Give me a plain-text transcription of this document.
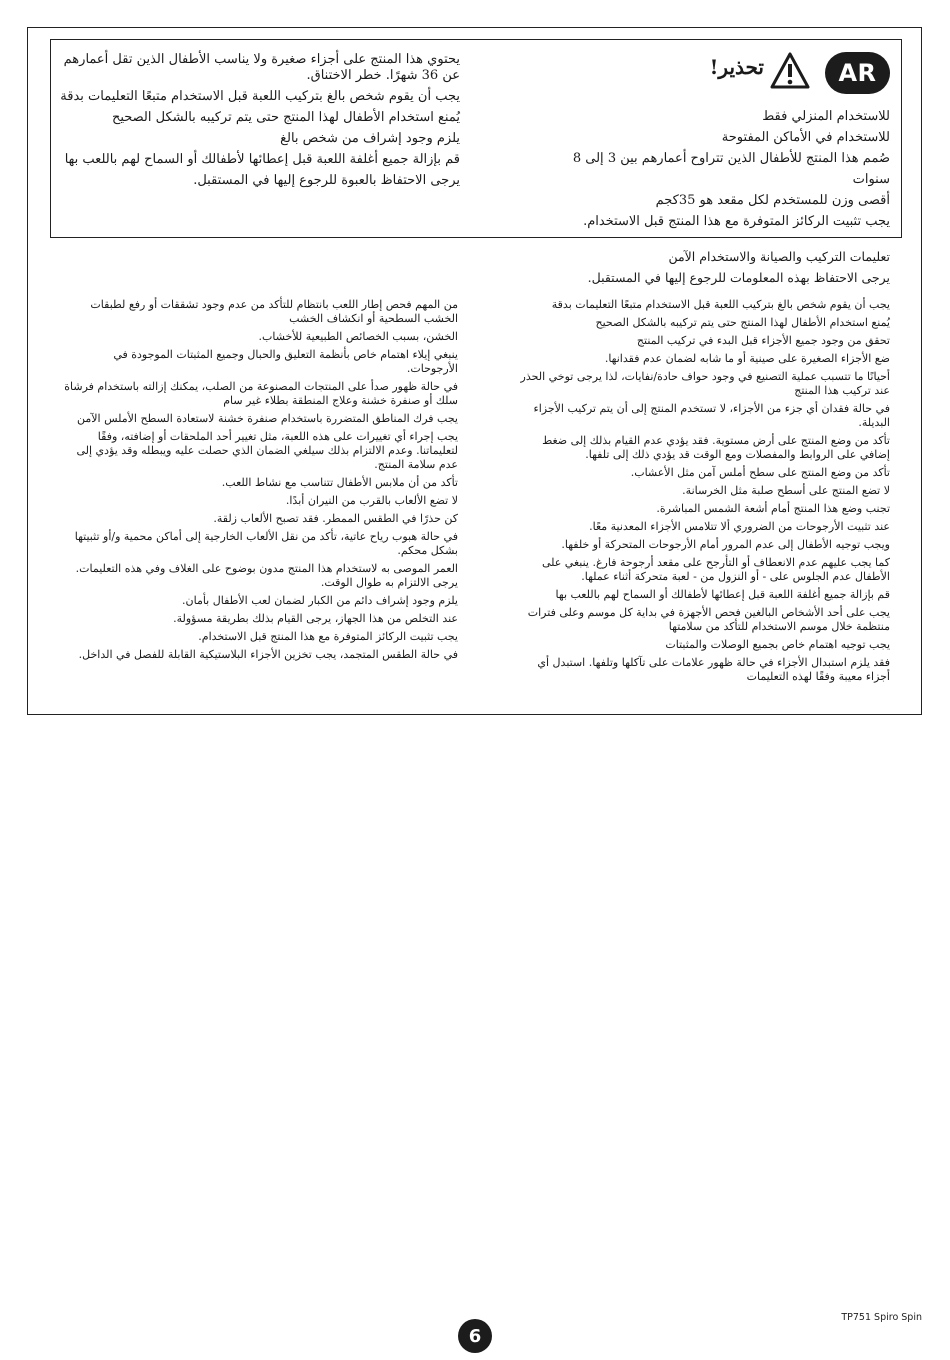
AR
تحذير!
للاستخدام المنزلي فقط
للاستخدام في الأماكن المفتوحة
صُمم هذا المنتج للأطفال الذين تتراوح أعمارهم بين 3 إلى 8 سنوات
أقصى وزن للمستخدم لكل مقعد هو 35كجم
يجب تثبيت الركائز المتوفرة مع هذا المنتج قبل الاستخدام.
يحتوي هذا المنتج على أجزاء صغيرة ولا يناسب الأطفال الذين تقل أعمارهم عن 36 شهرًا. خطر الاختناق.
يجب أن يقوم شخص بالغ بتركيب اللعبة قبل الاستخدام متبعًا التعليمات بدقة
يُمنع استخدام الأطفال لهذا المنتج حتى يتم تركيبه بالشكل الصحيح
يلزم وجود إشراف من شخص بالغ
قم بإزالة جميع أغلفة اللعبة قبل إعطائها لأطفالك أو السماح لهم باللعب بها
يرجى الاحتفاظ بالعبوة للرجوع إليها في المستقبل.
تعليمات التركيب والصيانة والاستخدام الآمن
يرجى الاحتفاظ بهذه المعلومات للرجوع إليها في المستقبل.
يجب أن يقوم شخص بالغ بتركيب اللعبة قبل الاستخدام متبعًا التعليمات بدقة
يُمنع استخدام الأطفال لهذا المنتج حتى يتم تركيبه بالشكل الصحيح
تحقق من وجود جميع الأجزاء قبل البدء في تركيب المنتج
ضع الأجزاء الصغيرة على صينية أو ما شابه لضمان عدم فقدانها.
أحيانًا ما تتسبب عملية التصنيع في وجود حواف حادة/نفايات، لذا يرجى توخي الحذر عند تركيب هذا المنتج
في حالة فقدان أي جزء من الأجزاء، لا تستخدم المنتج إلى أن يتم تركيب الأجزاء البديلة.
تأكد من وضع المنتج على أرض مستوية. فقد يؤدي عدم القيام بذلك إلى ضغط إضافي على الروابط والمفصلات ومع الوقت قد يؤدي ذلك إلى تلفها.
تأكد من وضع المنتج على سطح أملس آمن مثل الأعشاب.
لا تضع المنتج على أسطح صلبة مثل الخرسانة.
تجنب وضع هذا المنتج أمام أشعة الشمس المباشرة.
عند تثبيت الأرجوحات من الضروري ألا تتلامس الأجزاء المعدنية معًا.
ويجب توجيه الأطفال إلى عدم المرور أمام الأرجوحات المتحركة أو خلفها.
كما يجب عليهم عدم الانعطاف أو التأرجح على مقعد أرجوحة فارغ. ينبغي على الأطفال عدم الجلوس على - أو النزول من - لعبة متحركة أثناء عملها.
قم بإزالة جميع أغلفة اللعبة قبل إعطائها لأطفالك أو السماح لهم باللعب بها
يجب على أحد الأشخاص البالغين فحص الأجهزة في بداية كل موسم وعلى فترات منتظمة خلال موسم الاستخدام للتأكد من سلامتها
يجب توجيه اهتمام خاص بجميع الوصلات والمثبتات
فقد يلزم استبدال الأجزاء في حالة ظهور علامات على تآكلها وتلفها. استبدل أي أجزاء معيبة وفقًا لهذه التعليمات
من المهم فحص إطار اللعب بانتظام للتأكد من عدم وجود تشققات أو رفع لطبقات الخشب السطحية أو انكشاف الخشب
الخشن، بسبب الخصائص الطبيعية للأخشاب.
ينبغي إيلاء اهتمام خاص بأنظمة التعليق والحبال وجميع المثبتات الموجودة في الأرجوحات.
في حالة ظهور صدأ على المنتجات المصنوعة من الصلب، يمكنك إزالته باستخدام فرشاة سلك أو صنفرة خشنة وعلاج المنطقة بطلاء غير سام
يجب فرك المناطق المتضررة باستخدام صنفرة خشنة لاستعادة السطح الأملس الآمن
يجب إجراء أي تغييرات على هذه اللعبة، مثل تغيير أحد الملحقات أو إضافته، وفقًا لتعليماتنا. وعدم الالتزام بذلك سيلغي الضمان الذي حصلت عليه ويبطله وقد يؤدي إلى عدم سلامة المنتج.
تأكد من أن ملابس الأطفال تتناسب مع نشاط اللعب.
لا تضع الألعاب بالقرب من النيران أبدًا.
كن حذرًا في الطقس الممطر. فقد تصبح الألعاب زلقة.
في حالة هبوب رياح عاتية، تأكد من نقل الألعاب الخارجية إلى أماكن محمية و/أو تثبيتها بشكل محكم.
العمر الموصى به لاستخدام هذا المنتج مدون بوضوح على الغلاف وفي هذه التعليمات. يرجى الالتزام به طوال الوقت.
يلزم وجود إشراف دائم من الكبار لضمان لعب الأطفال بأمان.
عند التخلص من هذا الجهاز، يرجى القيام بذلك بطريقة مسؤولة.
يجب تثبيت الركائز المتوفرة مع هذا المنتج قبل الاستخدام.
في حالة الطقس المتجمد، يجب تخزين الأجزاء البلاستيكية القابلة للفصل في الداخل.
TP751 Spiro Spin
6
